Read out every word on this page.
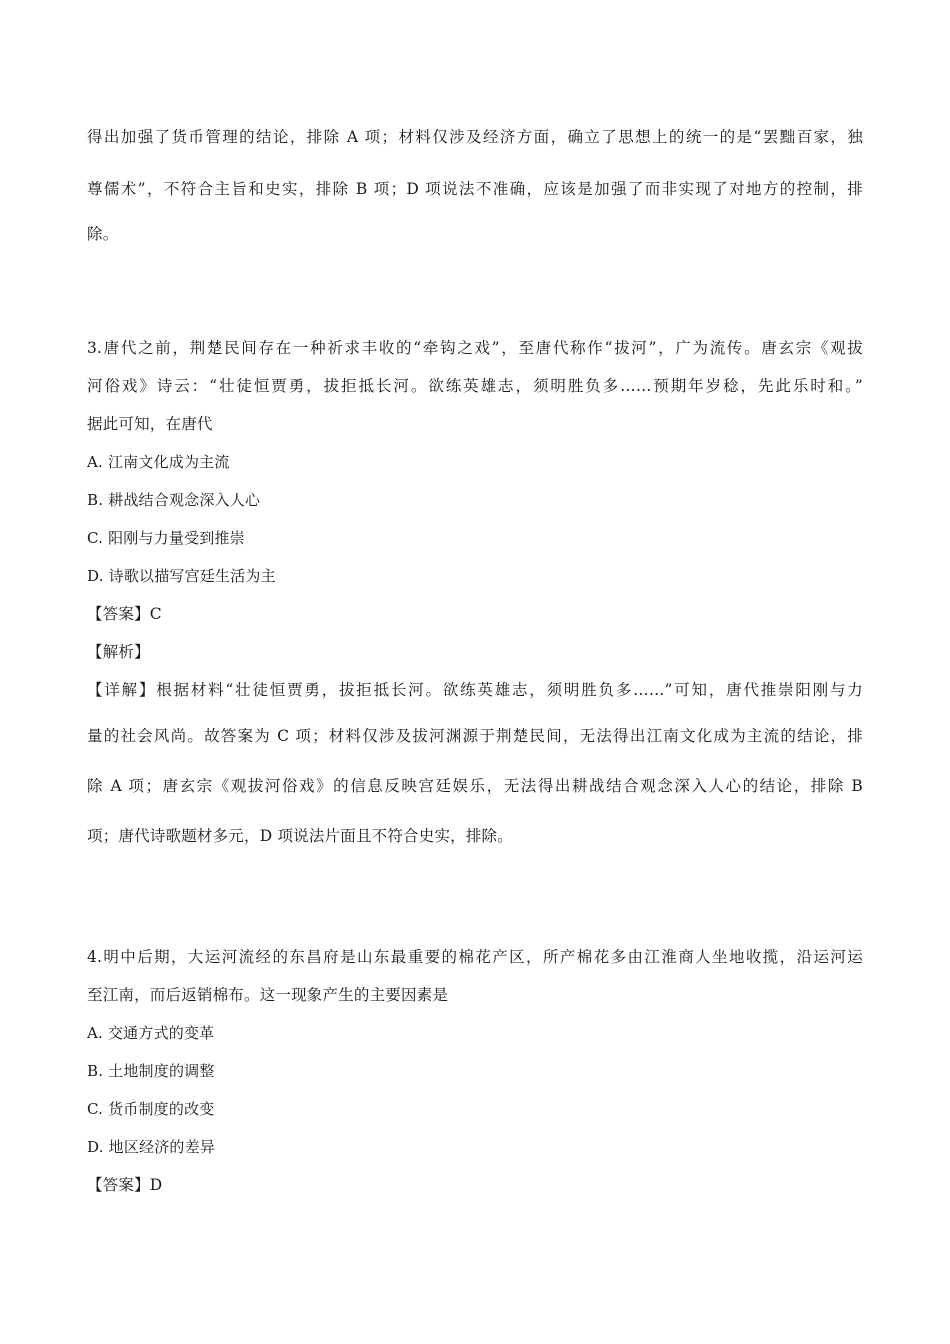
得出加强了货币管理的结论，排除 A 项；材料仅涉及经济方面，确立了思想上的统一的是“罢黜百家，独
尊儒术”，不符合主旨和史实，排除 B 项；D 项说法不准确，应该是加强了而非实现了对地方的控制，排
除。
3.唐代之前，荆楚民间存在一种祈求丰收的“牵钩之戏”，至唐代称作“拔河”，广为流传。唐玄宗《观拔
河俗戏》诗云：“壮徒恒贾勇，拔拒抵长河。欲练英雄志，须明胜负多……预期年岁稔，先此乐时和。”
据此可知，在唐代
A. 江南文化成为主流
B. 耕战结合观念深入人心
C. 阳刚与力量受到推崇
D. 诗歌以描写宫廷生活为主
【答案】C
【解析】
【详解】根据材料“壮徒恒贾勇，拔拒抵长河。欲练英雄志，须明胜负多……”可知，唐代推崇阳刚与力
量的社会风尚。故答案为 C 项；材料仅涉及拔河渊源于荆楚民间，无法得出江南文化成为主流的结论，排
除 A 项；唐玄宗《观拔河俗戏》的信息反映宫廷娱乐，无法得出耕战结合观念深入人心的结论，排除 B
项；唐代诗歌题材多元，D 项说法片面且不符合史实，排除。
4.明中后期，大运河流经的东昌府是山东最重要的棉花产区，所产棉花多由江淮商人坐地收揽，沿运河运
至江南，而后返销棉布。这一现象产生的主要因素是
A. 交通方式的变革
B. 土地制度的调整
C. 货币制度的改变
D. 地区经济的差异
【答案】D
